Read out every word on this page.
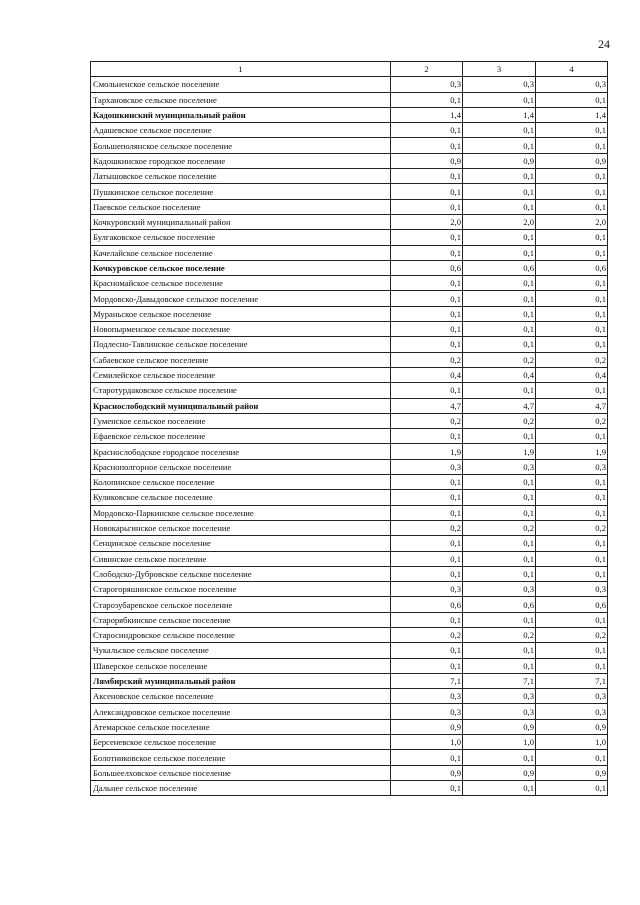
24
1	2	3	4
Смольненское сельское поселение	0,3	0,3	0,3
Тархановское сельское поселение	0,1	0,1	0,1
Кадошкинский муниципальный район	1,4	1,4	1,4
Адашевское сельское поселение	0,1	0,1	0,1
Большеполянское сельское поселение	0,1	0,1	0,1
Кадошкинское городское поселение	0,9	0,9	0,9
Латышовское сельское поселение	0,1	0,1	0,1
Пушкинское сельское поселение	0,1	0,1	0,1
Паевское сельское поселение	0,1	0,1	0,1
Кочкуровский муниципальный район	2,0	2,0	2,0
Булгаковское сельское поселение	0,1	0,1	0,1
Качелайское сельское поселение	0,1	0,1	0,1
Кочкуровское сельское поселение	0,6	0,6	0,6
Красномайское сельское поселение	0,1	0,1	0,1
Мордовско-Давыдовское сельское поселение	0,1	0,1	0,1
Мураньское сельское поселение	0,1	0,1	0,1
Новопырменское сельское поселение	0,1	0,1	0,1
Подлесно-Тавлинское сельское поселение	0,1	0,1	0,1
Сабаевское сельское поселение	0,2	0,2	0,2
Семилейское сельское поселение	0,4	0,4	0,4
Старотурдаковское сельское поселение	0,1	0,1	0,1
Краснослободский муниципальный район	4,7	4,7	4,7
Гуменское сельское поселение	0,2	0,2	0,2
Ефаевское сельское поселение	0,1	0,1	0,1
Краснослободское городское поселение	1,9	1,9	1,9
Краснополгорное сельское поселение	0,3	0,3	0,3
Колопинское сельское поселение	0,1	0,1	0,1
Куликовское сельское поселение	0,1	0,1	0,1
Мордовско-Паркинское сельское поселение	0,1	0,1	0,1
Новокарьгинское сельское поселение	0,2	0,2	0,2
Сенцинское сельское поселение	0,1	0,1	0,1
Сивинское сельское поселение	0,1	0,1	0,1
Слободско-Дубровское сельское поселение	0,1	0,1	0,1
Старогоряшинское сельское поселение	0,3	0,3	0,3
Старозубаревское сельское поселение	0,6	0,6	0,6
Старорябкинское сельское поселение	0,1	0,1	0,1
Старосиндровское сельское поселение	0,2	0,2	0,2
Чукальское сельское поселение	0,1	0,1	0,1
Шаверское сельское поселение	0,1	0,1	0,1
Лямбирский муниципальный район	7,1	7,1	7,1
Аксеновское сельское поселение	0,3	0,3	0,3
Александровское сельское поселение	0,3	0,3	0,3
Атемарское сельское поселение	0,9	0,9	0,9
Берсеневское сельское поселение	1,0	1,0	1,0
Болотниковское сельское поселение	0,1	0,1	0,1
Большеелховское сельское поселение	0,9	0,9	0,9
Дальнее сельское поселение	0,1	0,1	0,1
